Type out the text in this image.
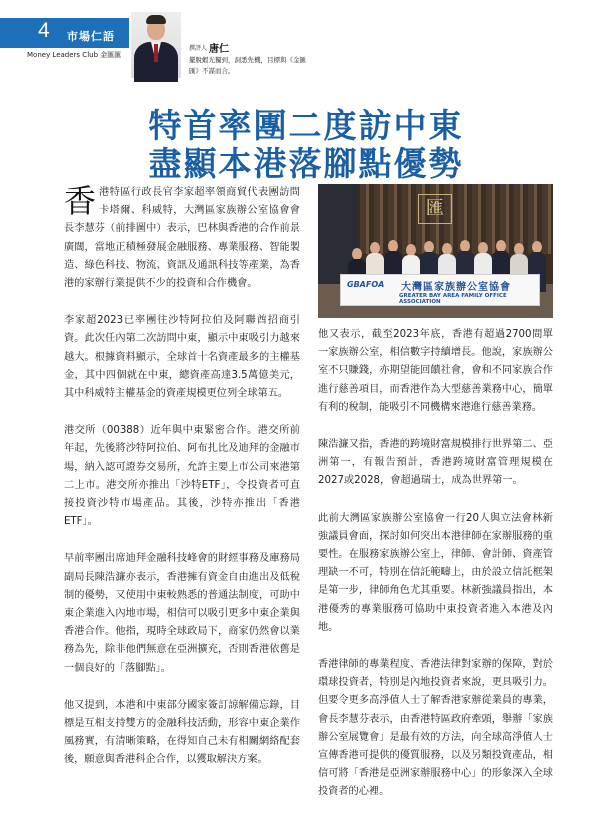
4 市場仁語
Money Leaders Club 金匯匯
撰評人 唐仁
擺脫蝦光獨到，洞悉先機，目標與《金匯匯》不謀而合。
特首率團二度訪中東
盡顯本港落腳點優勢

香港特區行政長官李家超率領商貿代表團訪問卡塔爾、科威特，大灣區家族辦公室協會會長李慧芬（前排圖中）表示，巴林與香港的合作前景廣闊，當地正積極發展金融服務、專業服務、智能製造、綠色科技、物流、資訊及通訊科技等產業，為香港的家辦行業提供不少的投資和合作機會。

李家超2023已率團往沙特阿拉伯及阿聯酋招商引資。此次任內第二次訪問中東，顯示中東吸引力越來越大。根據資料顯示，全球首十名資產最多的主權基金，其中四個就在中東，總資產高達3.5萬億美元，其中科威特主權基金的資產規模更位列全球第五。

港交所（00388）近年與中東緊密合作。港交所前年起，先後將沙特阿拉伯、阿布扎比及迪拜的金融市場，納入認可證券交易所，允許主要上市公司來港第二上市。港交所亦推出「沙特ETF」，令投資者可直接投資沙特市場產品。其後，沙特亦推出「香港ETF」。

早前率團出席迪拜金融科技峰會的財經事務及庫務局副局長陳浩濂亦表示，香港擁有資金自由進出及低稅制的優勢，又使用中東較熟悉的普通法制度，可助中東企業進入內地市場，相信可以吸引更多中東企業與香港合作。他指，現時全球政局下，商家仍然會以業務為先，除非他們無意在亞洲擴充，否則香港依舊是一個良好的「落腳點」。

他又提到，本港和中東部分國家簽訂諒解備忘錄，目標是互相支持雙方的金融科技活動，形容中東企業作風務實，有清晰策略，在得知自己未有相關網絡配套後，願意與香港科企合作，以獲取解決方案。

匯
GBAFOA 大灣區家族辦公室協會
GREATER BAY AREA FAMILY OFFICE ASSOCIATION

他又表示，截至2023年底，香港有超過2700間單一家族辦公室，相信數字持續增長。他說，家族辦公室不只賺錢，亦期望能回饋社會，會和不同家族合作進行慈善項目，而香港作為大型慈善業務中心，簡單有利的稅制，能吸引不同機構來港進行慈善業務。

陳浩濂又指，香港的跨境財富規模排行世界第二、亞洲第一，有報告預計，香港跨境財富管理規模在2027或2028，會超過瑞士，成為世界第一。

此前大灣區家族辦公室協會一行20人與立法會林新強議員會面，探討如何突出本港律師在家辦服務的重要性。在服務家族辦公室上，律師、會計師、資產管理缺一不可，特別在信託範疇上，由於設立信託框架是第一步，律師角色尤其重要。林新強議員指出，本港優秀的專業服務可協助中東投資者進入本港及內地。

香港律師的專業程度、香港法律對家辦的保障，對於環球投資者，特別是內地投資者來說，更具吸引力。但要令更多高淨值人士了解香港家辦從業員的專業，會長李慧芬表示，由香港特區政府牽頭，舉辦「家族辦公室展覽會」是最有效的方法，向全球高淨值人士宣傳香港可提供的優質服務，以及另類投資產品，相信可將「香港是亞洲家辦服務中心」的形象深入全球投資者的心裡。
